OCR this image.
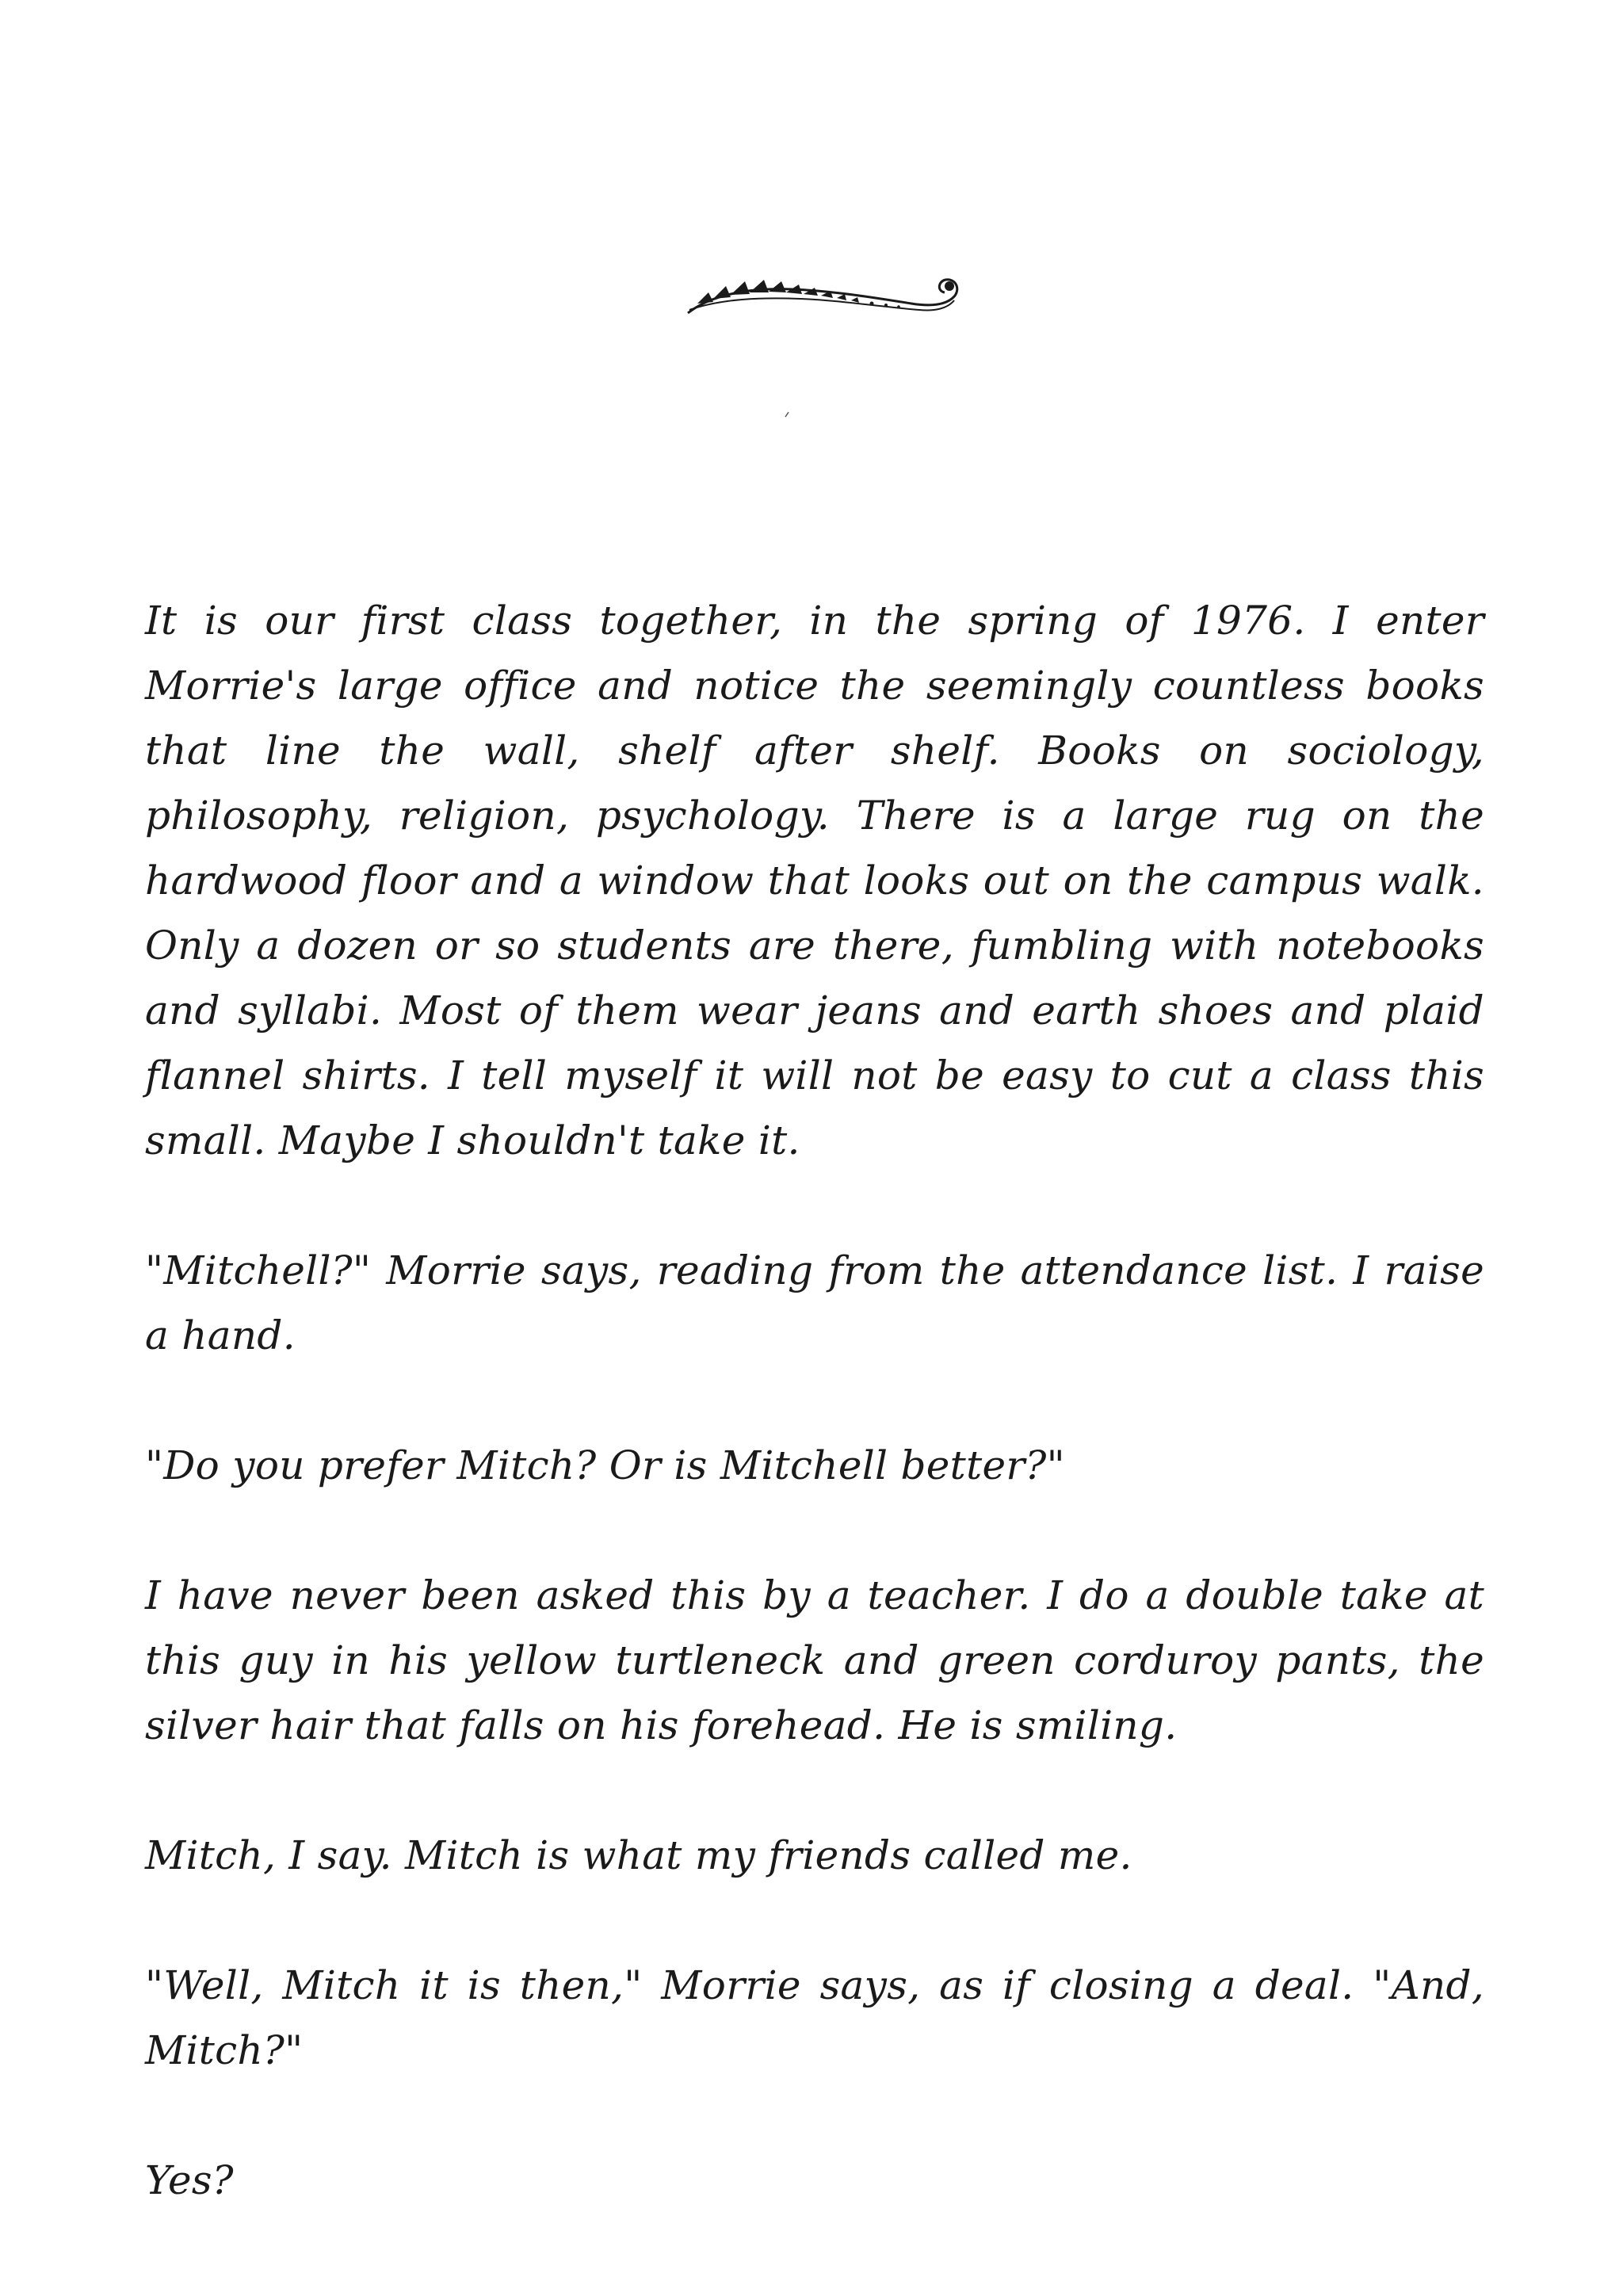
It is our first class together, in the spring of 1976. I enter Morrie's large office and notice the seemingly countless books that line the wall, shelf after shelf. Books on sociology, philosophy, religion, psychology. There is a large rug on the hardwood floor and a window that looks out on the campus walk. Only a dozen or so students are there, fumbling with notebooks and syllabi. Most of them wear jeans and earth shoes and plaid flannel shirts. I tell myself it will not be easy to cut a class this small. Maybe I shouldn't take it.

"Mitchell?" Morrie says, reading from the attendance list. I raise a hand.

"Do you prefer Mitch? Or is Mitchell better?"

I have never been asked this by a teacher. I do a double take at this guy in his yellow turtleneck and green corduroy pants, the silver hair that falls on his forehead. He is smiling.

Mitch, I say. Mitch is what my friends called me.

"Well, Mitch it is then," Morrie says, as if closing a deal. "And, Mitch?"

Yes?
